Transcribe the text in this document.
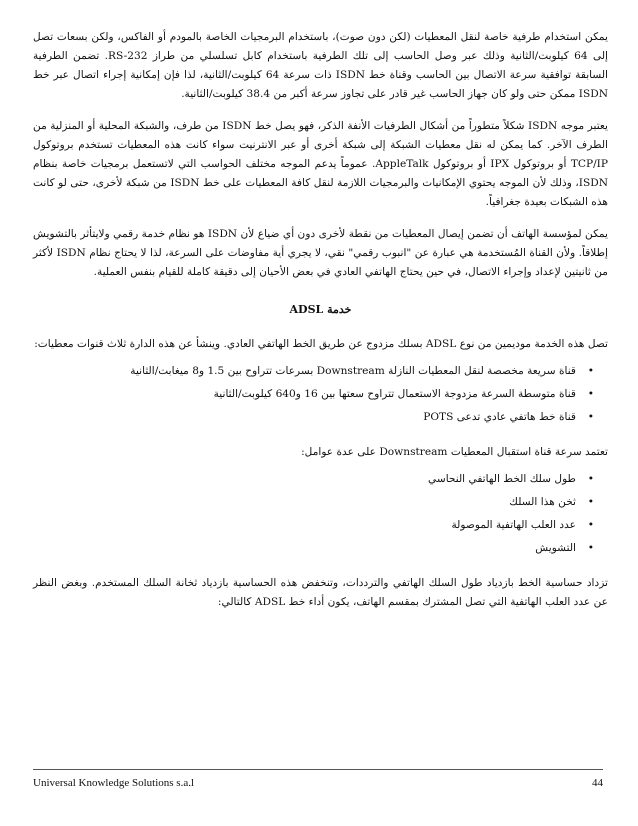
يمكن استخدام طرفية خاصة لنقل المعطيات (لكن دون صوت)، باستخدام البرمجيات الخاصة بالمودم أو الفاكس، ولكن بسعات تصل إلى 64 كيلوبت/الثانية وذلك عبر وصل الحاسب إلى تلك الطرفية باستخدام كابل تسلسلي من طراز RS-232. تضمن الطرفية السابقة توافقية سرعة الاتصال بين الحاسب وقناة خط ISDN ذات سرعة 64 كيلوبت/الثانية، لذا فإن إمكانية إجراء اتصال عبر خط ISDN ممكن حتى ولو كان جهاز الحاسب غير قادر على تجاوز سرعة أكبر من 38.4 كيلوبت/الثانية.

يعتبر موجه ISDN شكلاً متطوراً من أشكال الطرفيات الأنفة الذكر، فهو يصل خط ISDN من طرف، والشبكة المحلية أو المنزلية من الطرف الآخر. كما يمكن له نقل معطيات الشبكة إلى شبكة أخرى أو عبر الانترنيت سواء كانت هذه المعطيات تستخدم بروتوكول TCP/IP أو بروتوكول IPX أو بروتوكول AppleTalk. عموماً يدعم الموجه مختلف الحواسب التي لاتستعمل برمجيات خاصة بنظام ISDN، وذلك لأن الموجه يحتوي الإمكانيات والبرمجيات اللازمة لنقل كافة المعطيات على خط ISDN من شبكة لأخرى، حتى لو كانت هذه الشبكات بعيدة جغرافياً.

يمكن لمؤسسة الهاتف أن تضمن إيصال المعطيات من نقطة لأخرى دون أي ضياع لأن ISDN هو نظام خدمة رقمي ولايتأثر بالتشويش إطلاقاً. ولأن القناة المُستخدمة هي عبارة عن "انبوب رقمي" نقي، لا يجري أية مفاوضات على السرعة، لذا لا يحتاج نظام ISDN لأكثر من ثانيتين لإعداد وإجراء الاتصال، في حين يحتاج الهاتفي العادي في بعض الأحيان إلى دقيقة كاملة للقيام بنفس العملية.

خدمة ADSL

تصل هذه الخدمة موديمين من نوع ADSL بسلك مزدوج عن طريق الخط الهاتفي العادي. وينشأ عن هذه الدارة ثلاث قنوات معطيات:

•
قناة سريعة مخصصة لنقل المعطيات النازلة Downstream بسرعات تتراوح بين 1.5 و8 ميغابت/الثانية
•
قناة متوسطة السرعة مزدوجة الاستعمال تتراوح سعتها بين 16 و640 كيلوبت/الثانية
•
قناة خط هاتفي عادي تدعى POTS

تعتمد سرعة قناة استقبال المعطيات Downstream على عدة عوامل:

•
طول سلك الخط الهاتفي النحاسي
•
ثخن هذا السلك
•
عدد العلب الهاتفية الموصولة
•
التشويش

تزداد حساسية الخط بازدياد طول السلك الهاتفي والترددات، وتنخفض هذه الحساسية بازدياد ثخانة السلك المستخدم. وبغض النظر عن عدد العلب الهاتفية التي تصل المشترك بمقسم الهاتف، يكون أداء خط ADSL كالتالي:

Universal Knowledge Solutions s.a.l	44
